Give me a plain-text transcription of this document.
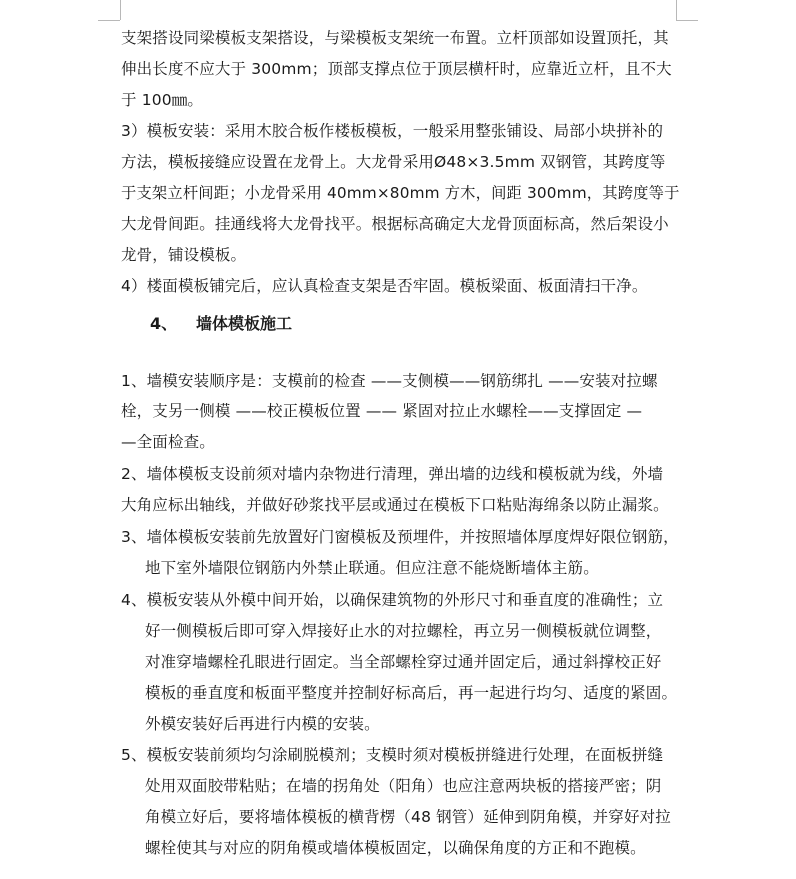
支架搭设同梁模板支架搭设，与梁模板支架统一布置。立杆顶部如设置顶托，其
伸出长度不应大于 300mm；顶部支撑点位于顶层横杆时，应靠近立杆，且不大
于 100㎜。
3）模板安装：采用木胶合板作楼板模板，一般采用整张铺设、局部小块拼补的
方法，模板接缝应设置在龙骨上。大龙骨采用Ø48×3.5mm 双钢管，其跨度等
于支架立杆间距；小龙骨采用 40mm×80mm 方木，间距 300mm，其跨度等于
大龙骨间距。挂通线将大龙骨找平。根据标高确定大龙骨顶面标高，然后架设小
龙骨，铺设模板。
4）楼面模板铺完后，应认真检查支架是否牢固。模板梁面、板面清扫干净。
4、 墙体模板施工
1、墙模安装顺序是：支模前的检查 ——支侧模——钢筋绑扎 ——安装对拉螺
栓，支另一侧模 ——校正模板位置 —— 紧固对拉止水螺栓——支撑固定 —
—全面检查。
2、墙体模板支设前须对墙内杂物进行清理，弹出墙的边线和模板就为线，外墙
大角应标出轴线，并做好砂浆找平层或通过在模板下口粘贴海绵条以防止漏浆。
3、墙体模板安装前先放置好门窗模板及预埋件，并按照墙体厚度焊好限位钢筋，
地下室外墙限位钢筋内外禁止联通。但应注意不能烧断墙体主筋。
4、模板安装从外模中间开始，以确保建筑物的外形尺寸和垂直度的准确性；立
好一侧模板后即可穿入焊接好止水的对拉螺栓，再立另一侧模板就位调整，
对准穿墙螺栓孔眼进行固定。当全部螺栓穿过通并固定后，通过斜撑校正好
模板的垂直度和板面平整度并控制好标高后，再一起进行均匀、适度的紧固。
外模安装好后再进行内模的安装。
5、模板安装前须均匀涂刷脱模剂；支模时须对模板拼缝进行处理，在面板拼缝
处用双面胶带粘贴；在墙的拐角处（阳角）也应注意两块板的搭接严密；阴
角模立好后，要将墙体模板的横背楞（48 钢管）延伸到阴角模，并穿好对拉
螺栓使其与对应的阴角模或墙体模板固定，以确保角度的方正和不跑模。
